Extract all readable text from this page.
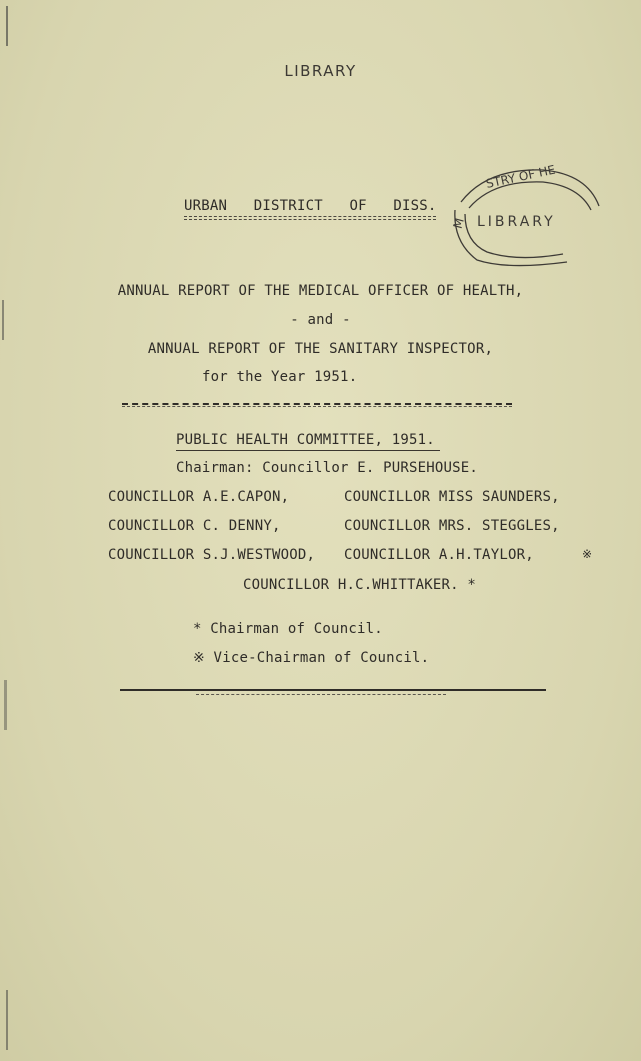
LIBRARY
STRY OF HE
M LIBRARY
URBAN DISTRICT OF DISS.
ANNUAL REPORT OF THE MEDICAL OFFICER OF HEALTH,
- and -
ANNUAL REPORT OF THE SANITARY INSPECTOR,
for the Year 1951.
PUBLIC HEALTH COMMITTEE, 1951.
Chairman: Councillor E. PURSEHOUSE.
COUNCILLOR A.E.CAPON,	COUNCILLOR MISS SAUNDERS,
COUNCILLOR C. DENNY,	COUNCILLOR MRS. STEGGLES,
COUNCILLOR S.J.WESTWOOD, COUNCILLOR A.H.TAYLOR,	※
COUNCILLOR H.C.WHITTAKER. *
* Chairman of Council.
※ Vice-Chairman of Council.
